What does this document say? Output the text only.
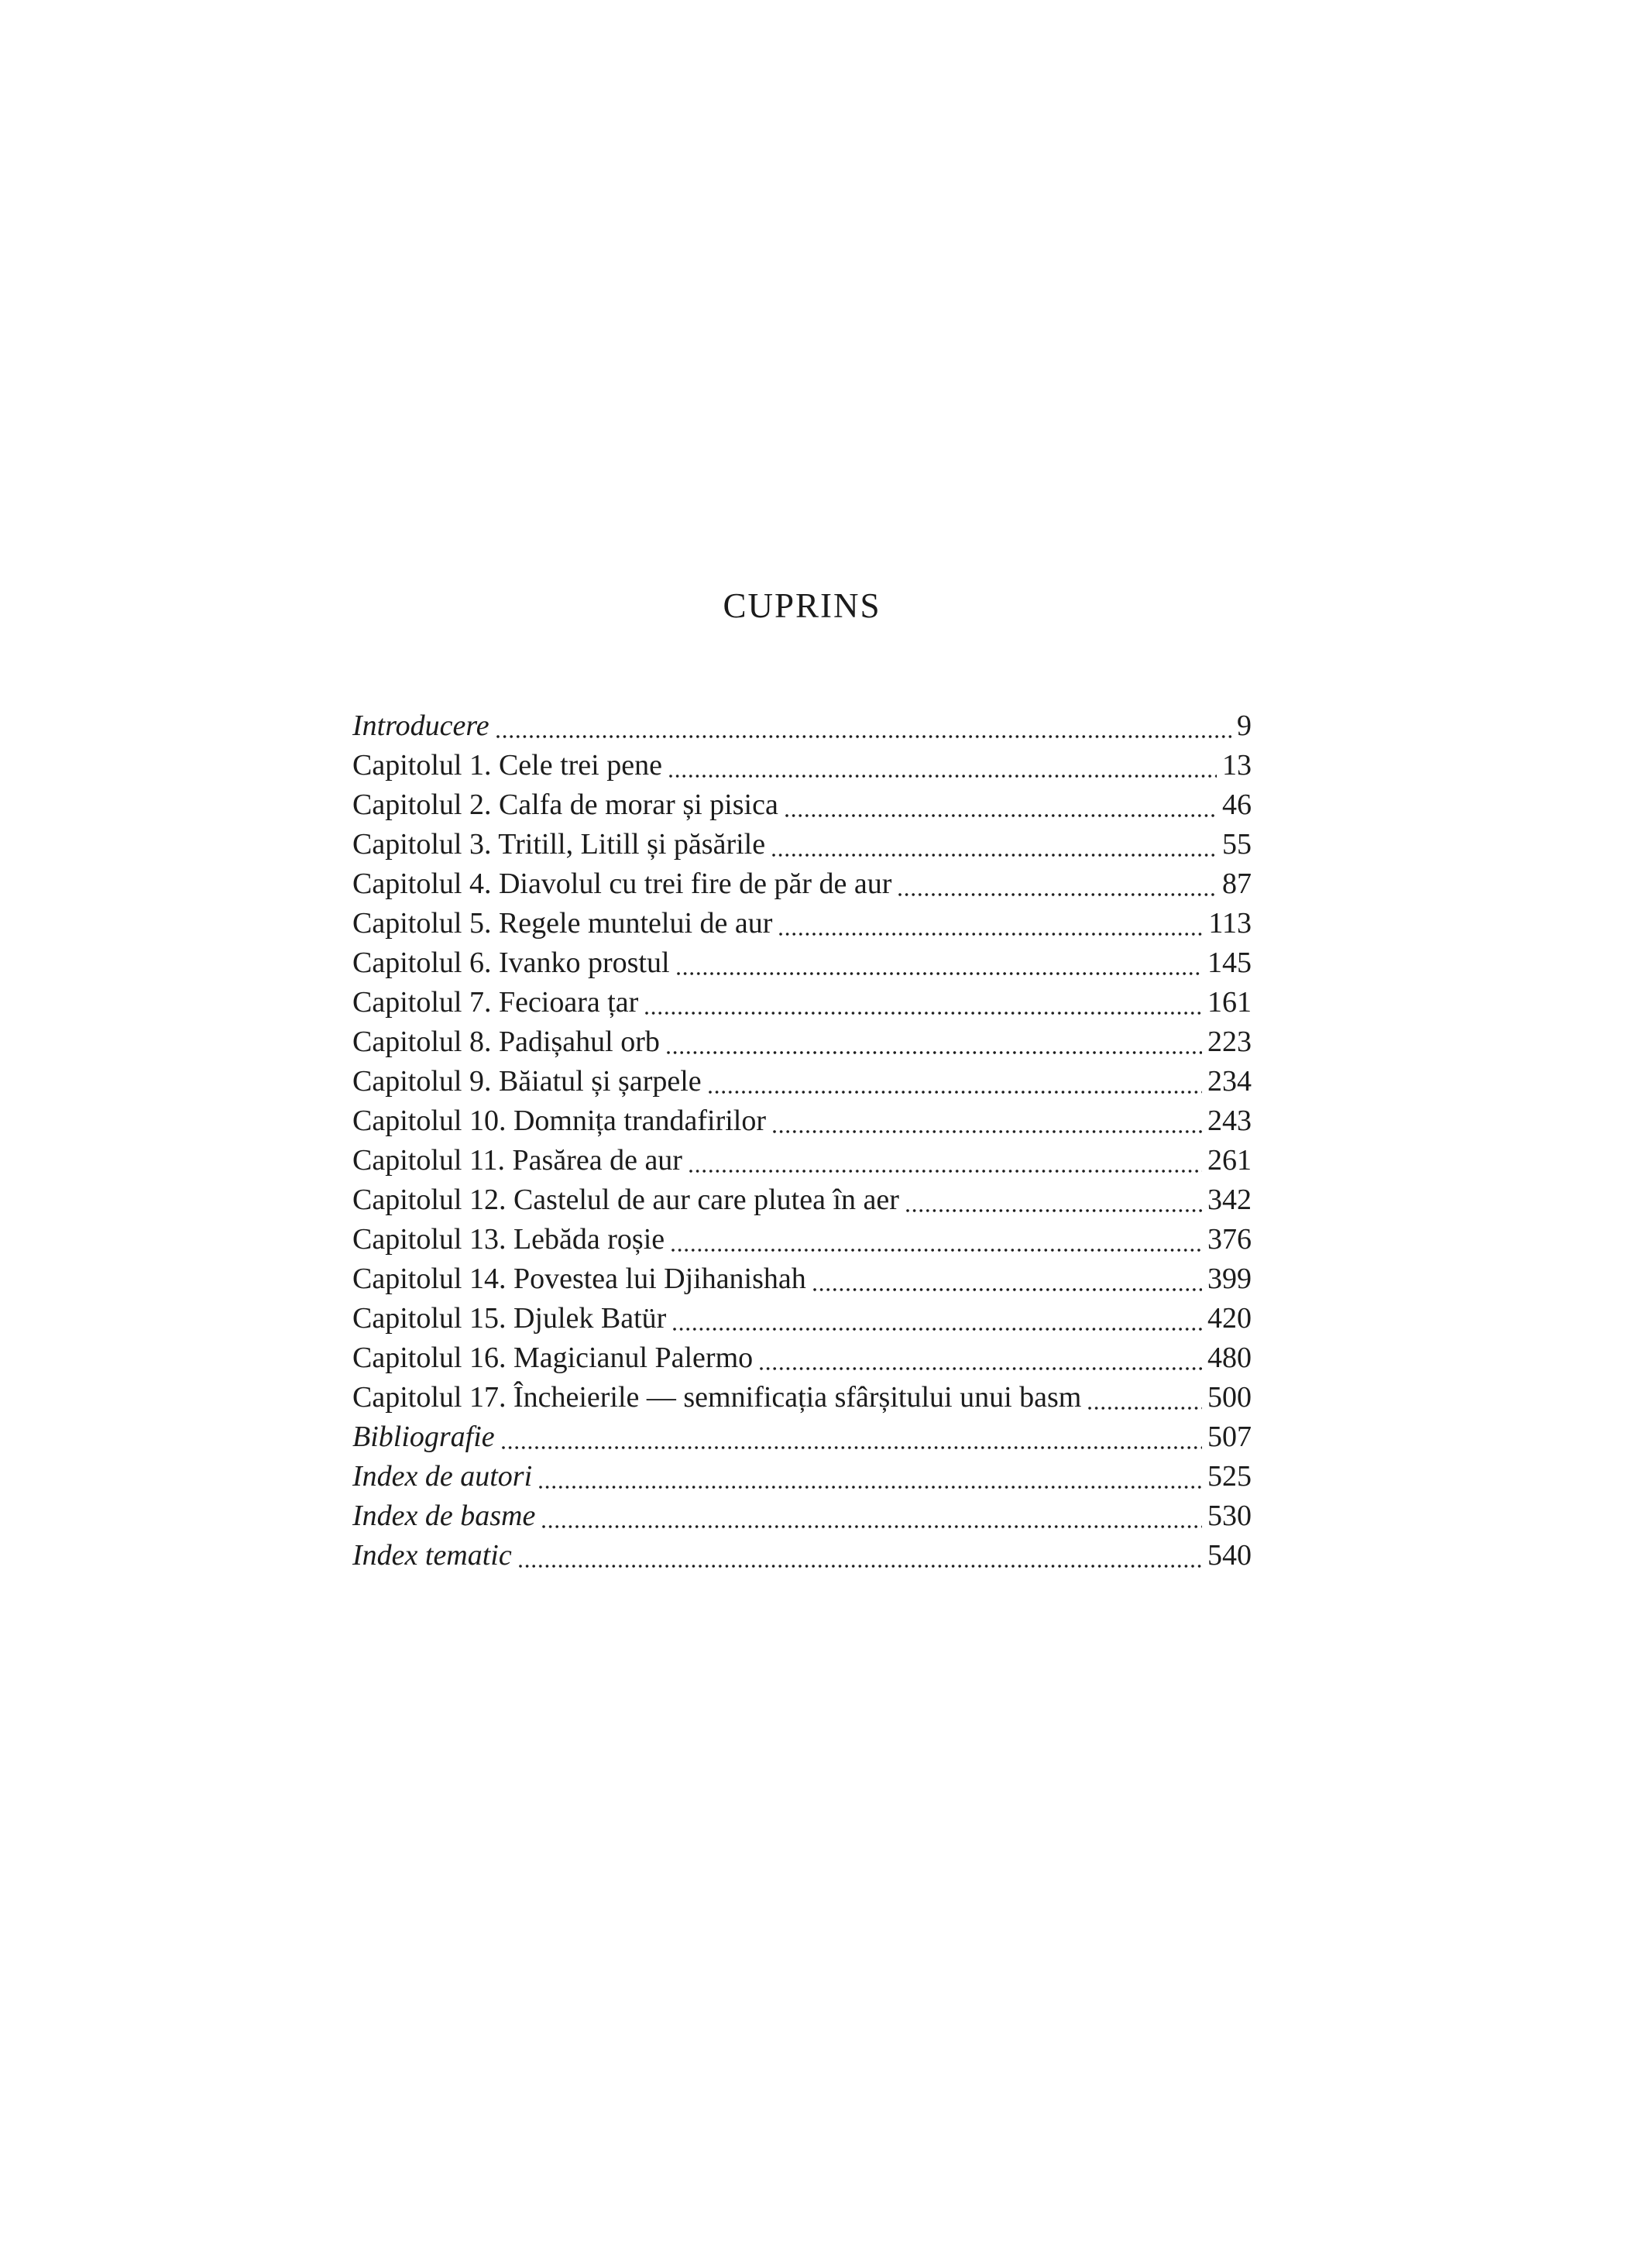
CUPRINS
Introducere	9
Capitolul 1. Cele trei pene	13
Capitolul 2. Calfa de morar și pisica	46
Capitolul 3. Tritill, Litill și păsările	55
Capitolul 4. Diavolul cu trei fire de păr de aur	87
Capitolul 5. Regele muntelui de aur	113
Capitolul 6. Ivanko prostul	145
Capitolul 7. Fecioara țar	161
Capitolul 8. Padișahul orb	223
Capitolul 9. Băiatul și șarpele	234
Capitolul 10. Domnița trandafirilor	243
Capitolul 11. Pasărea de aur	261
Capitolul 12. Castelul de aur care plutea în aer	342
Capitolul 13. Lebăda roșie	376
Capitolul 14. Povestea lui Djihanishah	399
Capitolul 15. Djulek Batür	420
Capitolul 16. Magicianul Palermo	480
Capitolul 17. Încheierile — semnificația sfârșitului unui basm	500
Bibliografie	507
Index de autori	525
Index de basme	530
Index tematic	540
